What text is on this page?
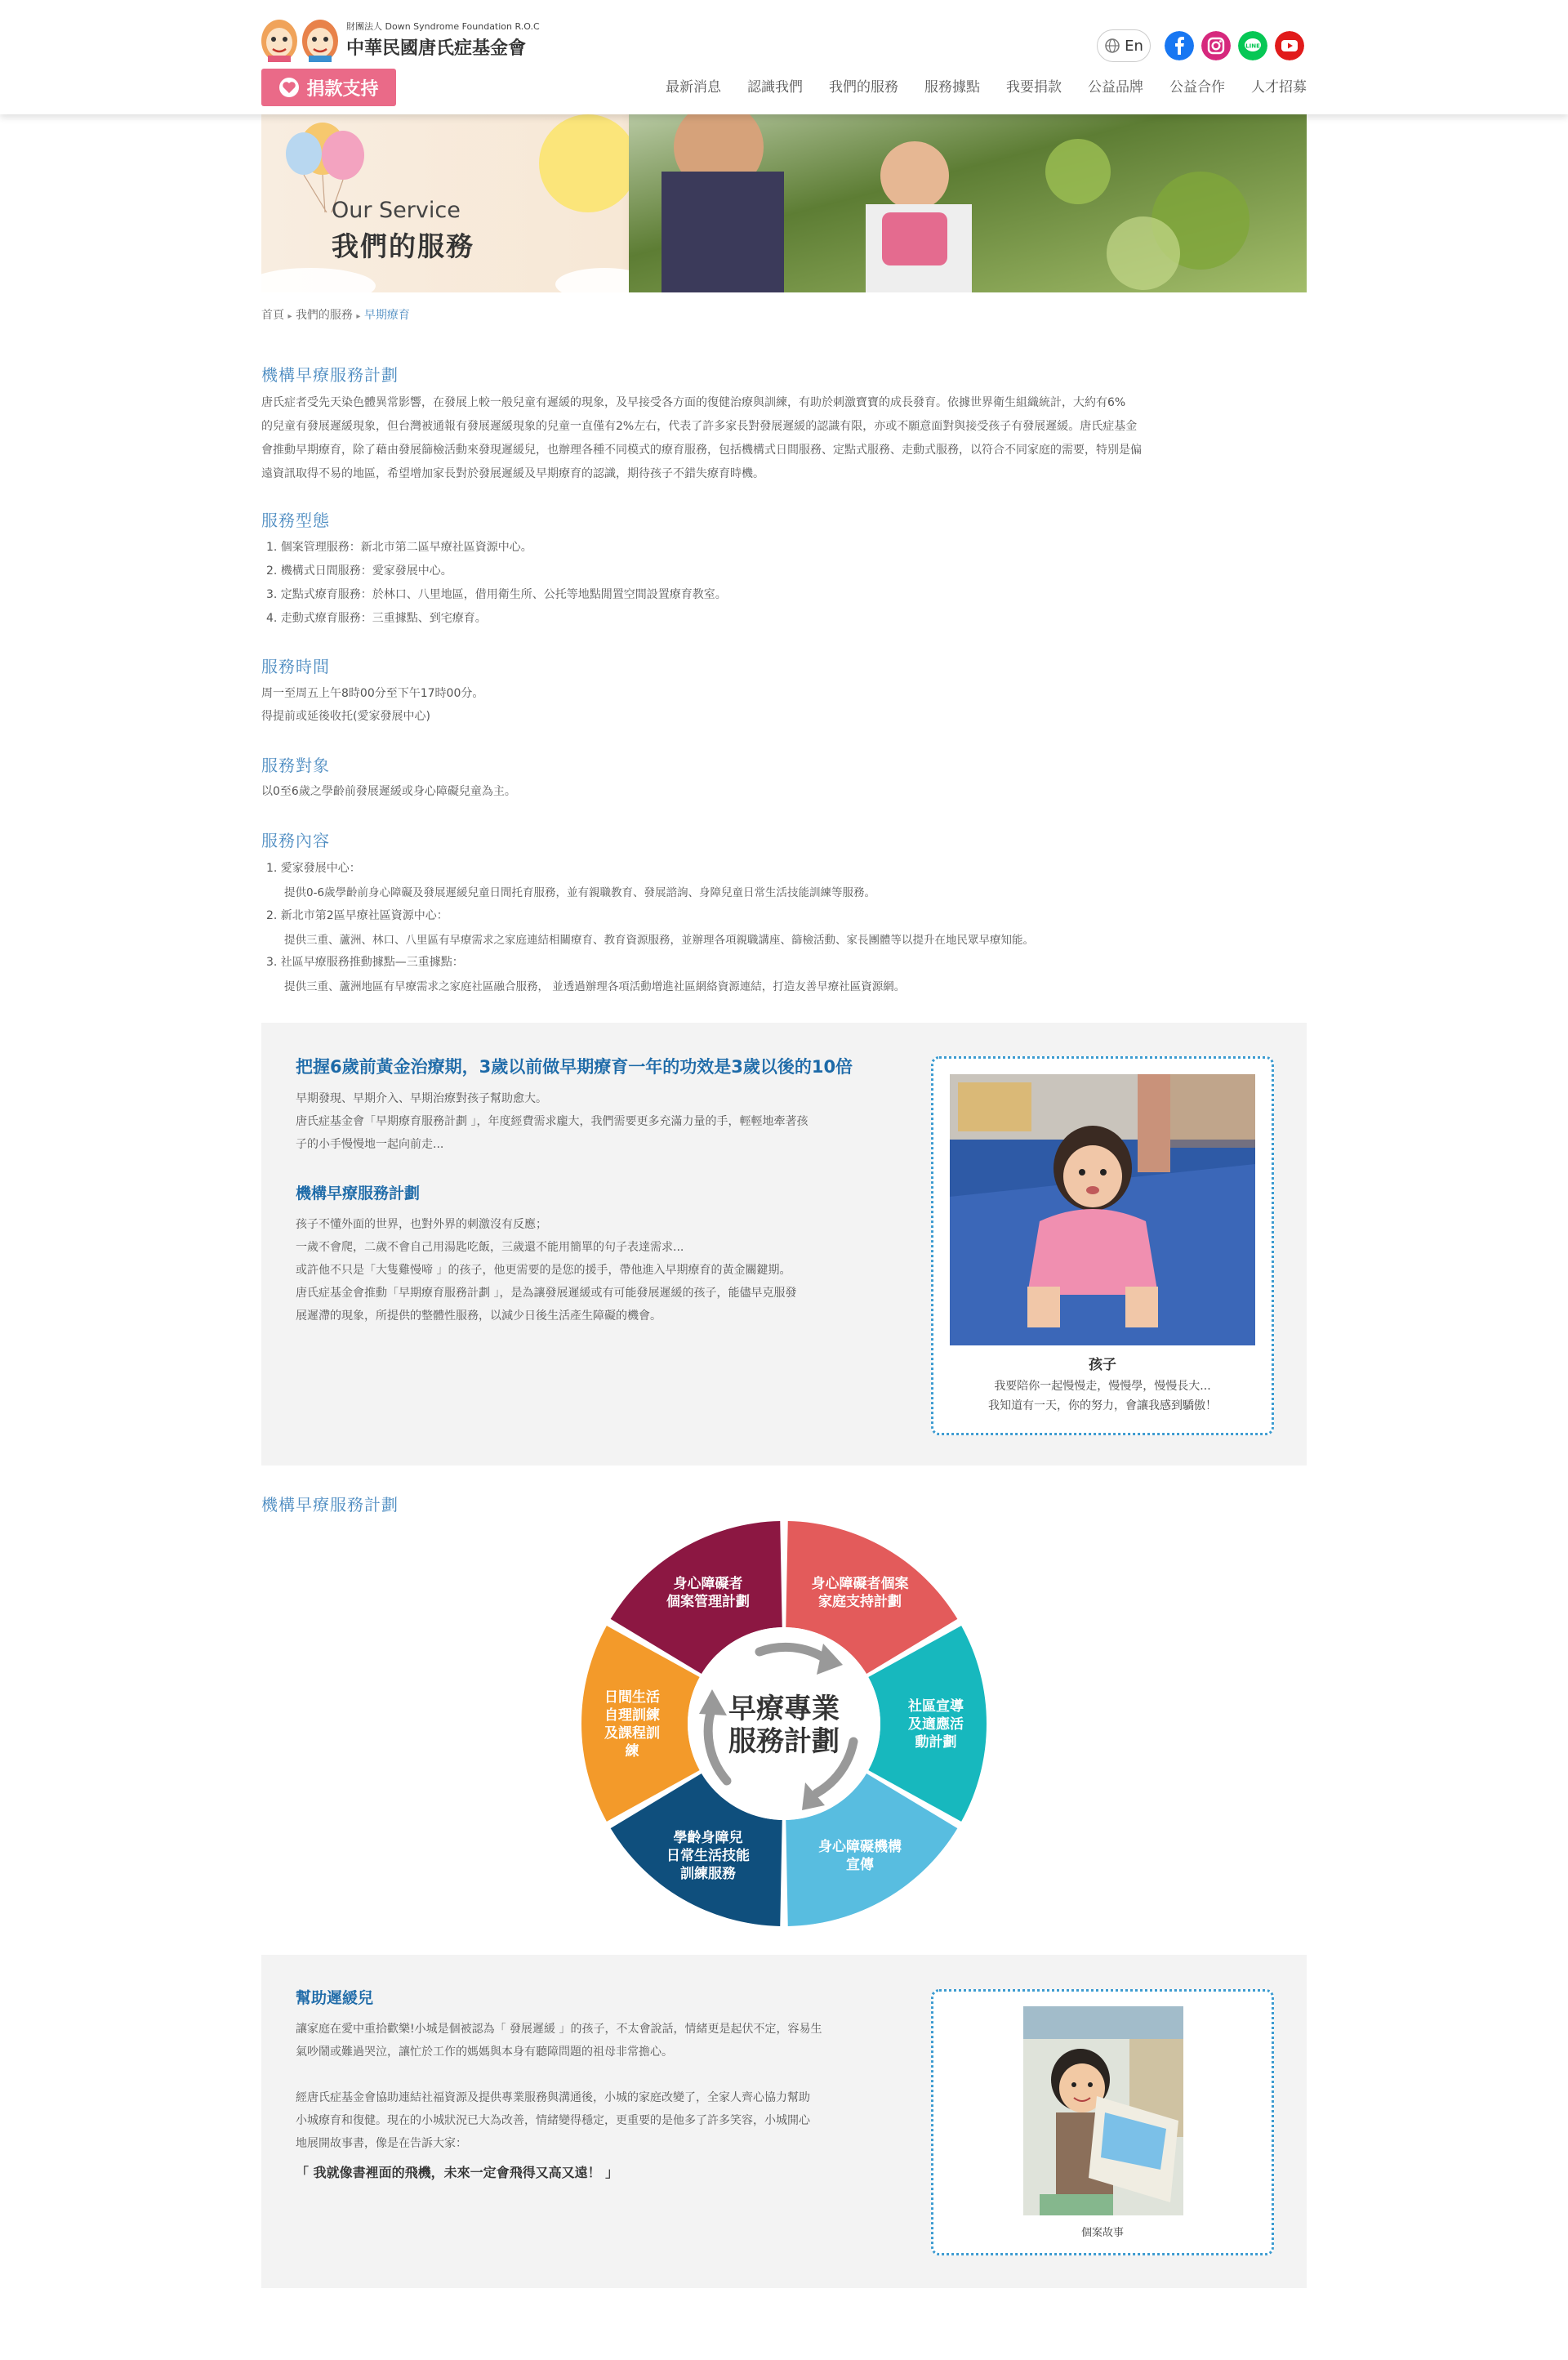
財團法人 Down Syndrome Foundation R.O.C
中華民國唐氏症基金會
捐款支持
En	LINE
最新消息 認識我們 我們的服務 服務據點 我要捐款 公益品牌 公益合作 人才招募
Our Service
我們的服務
首頁 ▸ 我們的服務 ▸ 早期療育
機構早療服務計劃
唐氏症者受先天染色體異常影響，在發展上較一般兒童有遲緩的現象，及早接受各方面的復健治療與訓練，有助於刺激寶寶的成長發育。依據世界衛生組織統計，大約有6%
的兒童有發展遲緩現象，但台灣被通報有發展遲緩現象的兒童一直僅有2%左右，代表了許多家長對發展遲緩的認識有限，亦或不願意面對與接受孩子有發展遲緩。唐氏症基金
會推動早期療育，除了藉由發展篩檢活動來發現遲緩兒，也辦理各種不同模式的療育服務，包括機構式日間服務、定點式服務、走動式服務，以符合不同家庭的需要，特別是偏
遠資訊取得不易的地區，希望增加家長對於發展遲緩及早期療育的認識，期待孩子不錯失療育時機。
服務型態
1. 個案管理服務：新北市第二區早療社區資源中心。
2. 機構式日間服務：愛家發展中心。
3. 定點式療育服務：於林口、八里地區，借用衛生所、公托等地點閒置空間設置療育教室。
4. 走動式療育服務：三重據點、到宅療育。
服務時間
周一至周五上午8時00分至下午17時00分。
得提前或延後收托(愛家發展中心)
服務對象
以0至6歲之學齡前發展遲緩或身心障礙兒童為主。
服務內容
1. 愛家發展中心：
提供0-6歲學齡前身心障礙及發展遲緩兒童日間托育服務，並有親職教育、發展諮詢、身障兒童日常生活技能訓練等服務。
2. 新北市第2區早療社區資源中心：
提供三重、蘆洲、林口、八里區有早療需求之家庭連結相關療育、教育資源服務，並辦理各項親職講座、篩檢活動、家長團體等以提升在地民眾早療知能。
3. 社區早療服務推動據點—三重據點：
提供三重、蘆洲地區有早療需求之家庭社區融合服務， 並透過辦理各項活動增進社區網絡資源連結，打造友善早療社區資源網。
把握6歲前黃金治療期，3歲以前做早期療育一年的功效是3歲以後的10倍
早期發現、早期介入、早期治療對孩子幫助愈大。
唐氏症基金會「早期療育服務計劃 」，年度經費需求龐大，我們需要更多充滿力量的手，輕輕地牽著孩
子的小手慢慢地一起向前走...
機構早療服務計劃
孩子不懂外面的世界，也對外界的刺激沒有反應；
一歲不會爬，二歲不會自己用湯匙吃飯，三歲還不能用簡單的句子表達需求...
或許他不只是「大隻雞慢啼 」的孩子，他更需要的是您的援手，帶他進入早期療育的黃金關鍵期。
唐氏症基金會推動「早期療育服務計劃 」，是為讓發展遲緩或有可能發展遲緩的孩子，能儘早克服發
展遲滯的現象，所提供的整體性服務，以減少日後生活產生障礙的機會。
孩子
我要陪你一起慢慢走，慢慢學，慢慢長大...
我知道有一天，你的努力，會讓我感到驕傲！
機構早療服務計劃
早療專業
服務計劃
身心障礙者
個案管理計劃
身心障礙者個案
家庭支持計劃
社區宣導
及適應活
動計劃
身心障礙機構
宣傳
學齡身障兒
日常生活技能
訓練服務
日間生活
自理訓練
及課程訓
練
幫助遲緩兒
讓家庭在愛中重拾歡樂!小城是個被認為「 發展遲緩 」的孩子，不太會說話，情緒更是起伏不定，容易生
氣吵鬧或難過哭泣，讓忙於工作的媽媽與本身有聽障問題的祖母非常擔心。
經唐氏症基金會協助連結社福資源及提供專業服務與溝通後，小城的家庭改變了，全家人齊心協力幫助
小城療育和復健。現在的小城狀況已大為改善，情緒變得穩定，更重要的是他多了許多笑容，小城開心
地展開故事書，像是在告訴大家：
「 我就像書裡面的飛機，未來一定會飛得又高又遠！ 」
個案故事
